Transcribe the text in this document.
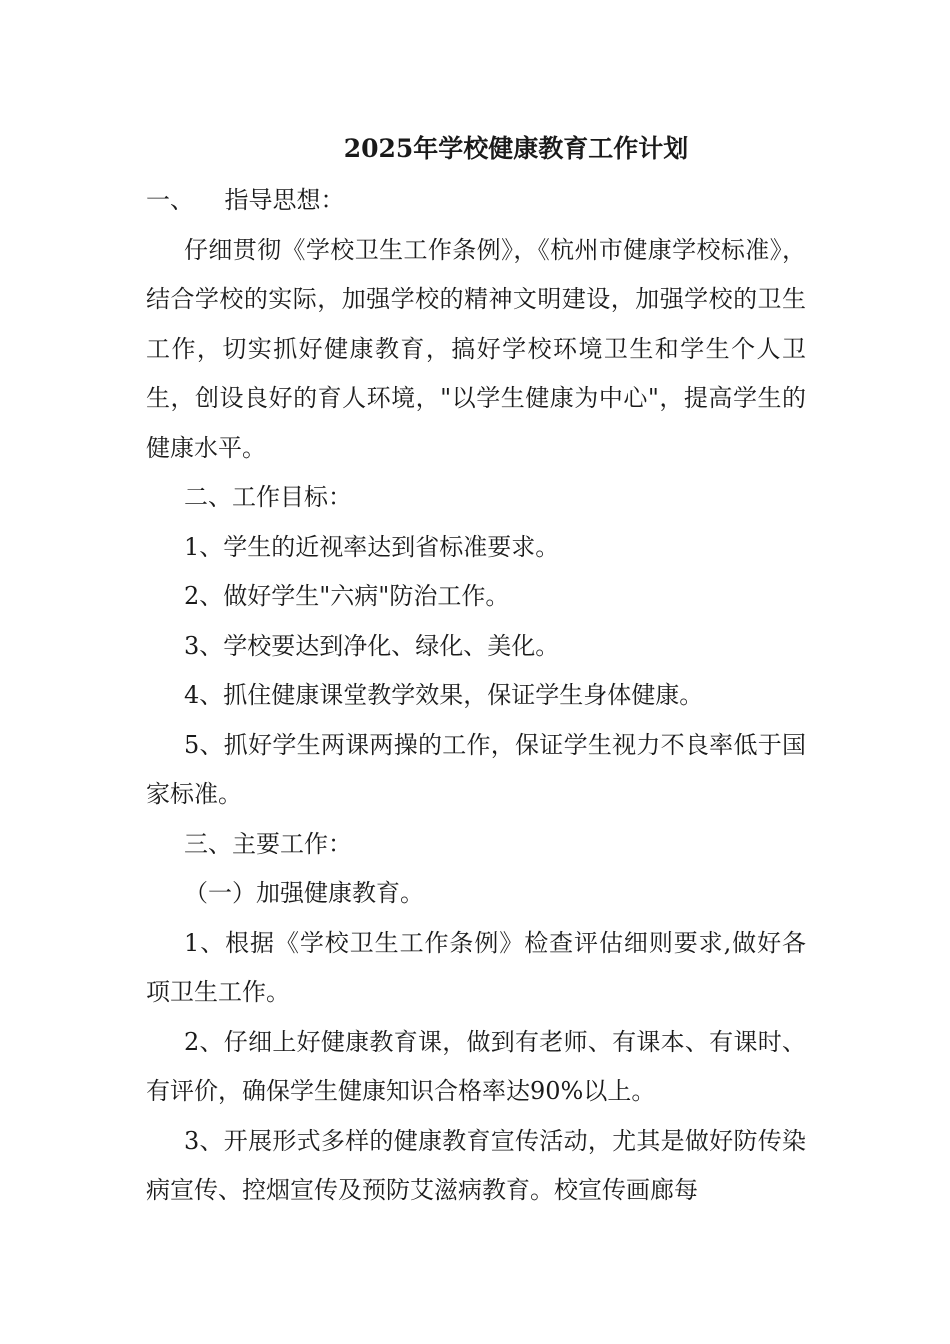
2025年学校健康教育工作计划

一、    指导思想：

仔细贯彻《学校卫生工作条例》，《杭州市健康学校标准》，结合学校的实际，加强学校的精神文明建设，加强学校的卫生工作，切实抓好健康教育，搞好学校环境卫生和学生个人卫生，创设良好的育人环境，"以学生健康为中心"，提高学生的健康水平。

二、工作目标：

1、学生的近视率达到省标准要求。

2、做好学生"六病"防治工作。

3、学校要达到净化、绿化、美化。

4、抓住健康课堂教学效果，保证学生身体健康。

5、抓好学生两课两操的工作，保证学生视力不良率低于国家标准。

三、主要工作：

（一）加强健康教育。

1、根据《学校卫生工作条例》检查评估细则要求,做好各项卫生工作。

2、仔细上好健康教育课，做到有老师、有课本、有课时、有评价，确保学生健康知识合格率达90%以上。

3、开展形式多样的健康教育宣传活动，尤其是做好防传染病宣传、控烟宣传及预防艾滋病教育。校宣传画廊每
